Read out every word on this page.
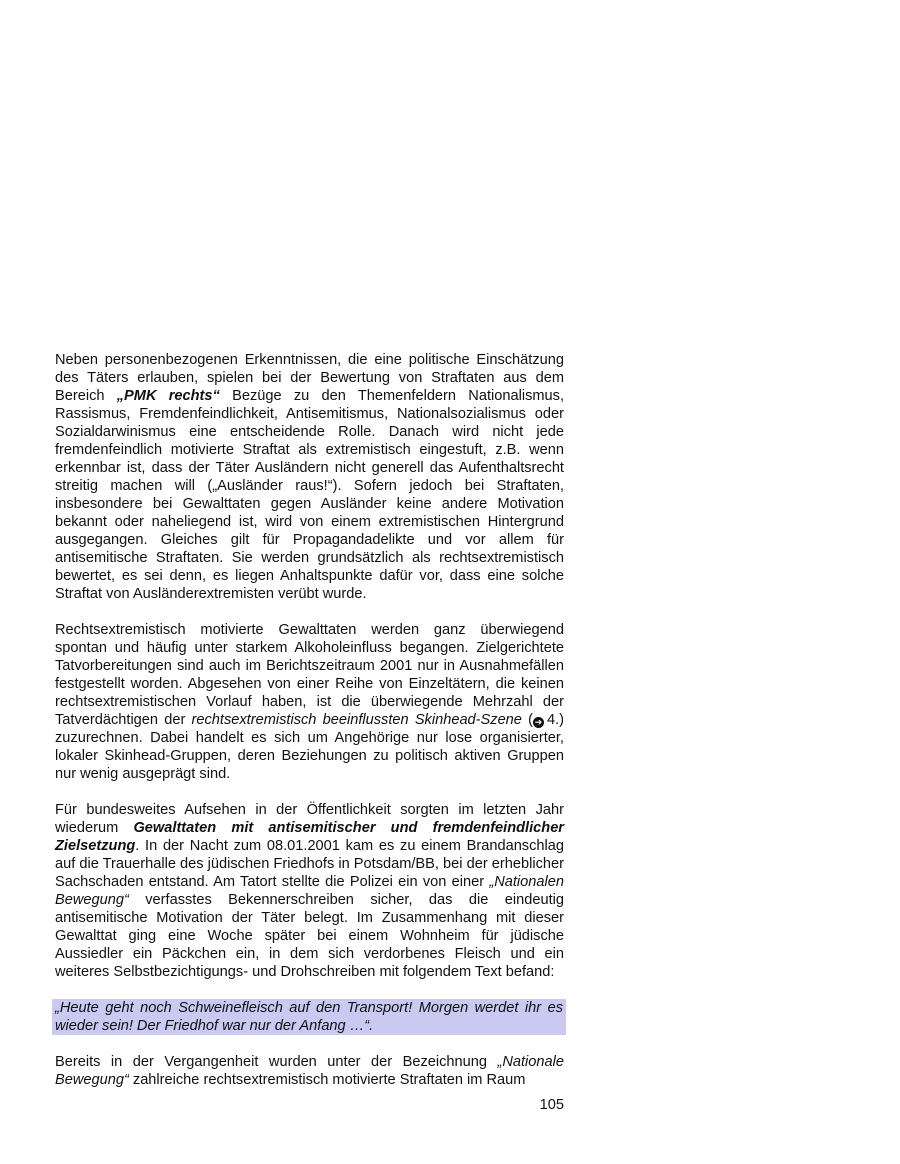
Neben personenbezogenen Erkenntnissen, die eine politische Einschätzung des Täters erlauben, spielen bei der Bewertung von Straftaten aus dem Bereich „PMK rechts“ Bezüge zu den Themenfeldern Nationalismus, Rassismus, Fremdenfeindlichkeit, Antisemitismus, Nationalsozialismus oder Sozialdarwinismus eine entscheidende Rolle. Danach wird nicht jede fremdenfeindlich motivierte Straftat als extremistisch eingestuft, z.B. wenn erkennbar ist, dass der Täter Ausländern nicht generell das Aufenthaltsrecht streitig machen will („Ausländer raus!“). Sofern jedoch bei Straftaten, insbesondere bei Gewalttaten gegen Ausländer keine andere Motivation bekannt oder naheliegend ist, wird von einem extremistischen Hintergrund ausgegangen. Gleiches gilt für Propagandadelikte und vor allem für antisemitische Straftaten. Sie werden grundsätzlich als rechtsextremistisch bewertet, es sei denn, es liegen Anhaltspunkte dafür vor, dass eine solche Straftat von Ausländerextremisten verübt wurde.

Rechtsextremistisch motivierte Gewalttaten werden ganz überwiegend spontan und häufig unter starkem Alkoholeinfluss begangen. Zielgerichtete Tatvorbereitungen sind auch im Berichtszeitraum 2001 nur in Ausnahmefällen festgestellt worden. Abgesehen von einer Reihe von Einzeltätern, die keinen rechtsextremistischen Vorlauf haben, ist die überwiegende Mehrzahl der Tatverdächtigen der rechtsextremistisch beeinflussten Skinhead-Szene ( ➔ 4.) zuzurechnen. Dabei handelt es sich um Angehörige nur lose organisierter, lokaler Skinhead-Gruppen, deren Beziehungen zu politisch aktiven Gruppen nur wenig ausgeprägt sind.

Für bundesweites Aufsehen in der Öffentlichkeit sorgten im letzten Jahr wiederum Gewalttaten mit antisemitischer und fremdenfeindlicher Zielsetzung. In der Nacht zum 08.01.2001 kam es zu einem Brandanschlag auf die Trauerhalle des jüdischen Friedhofs in Potsdam/BB, bei der erheblicher Sachschaden entstand. Am Tatort stellte die Polizei ein von einer „Nationalen Bewegung“ verfasstes Bekennerschreiben sicher, das die eindeutig antisemitische Motivation der Täter belegt. Im Zusammenhang mit dieser Gewalttat ging eine Woche später bei einem Wohnheim für jüdische Aussiedler ein Päckchen ein, in dem sich verdorbenes Fleisch und ein weiteres Selbstbezichtigungs- und Drohschreiben mit folgendem Text befand:

„Heute geht noch Schweinefleisch auf den Transport! Morgen werdet ihr es wieder sein! Der Friedhof war nur der Anfang …“.

Bereits in der Vergangenheit wurden unter der Bezeichnung „Nationale Bewegung“ zahlreiche rechtsextremistisch motivierte Straftaten im Raum

105
